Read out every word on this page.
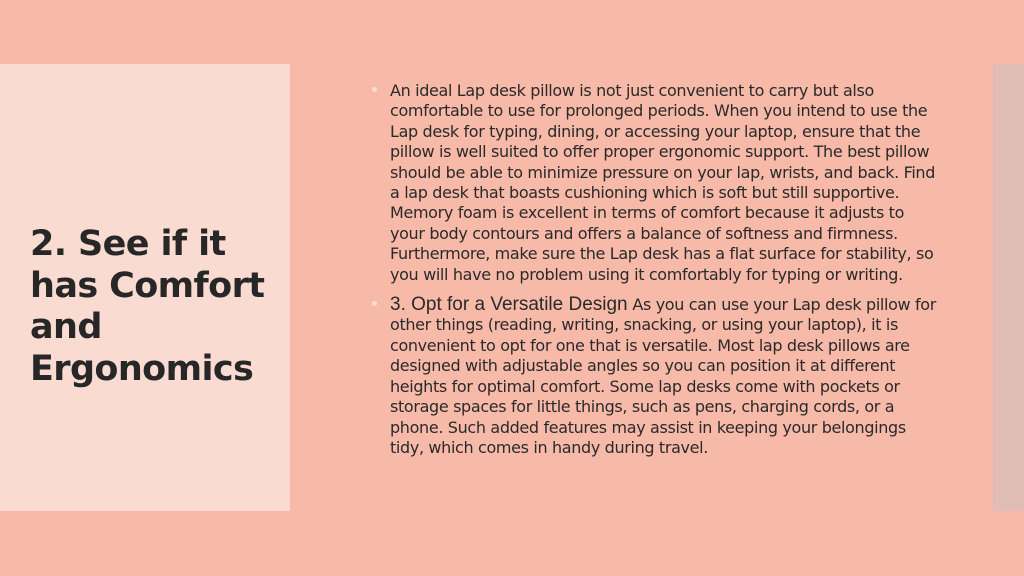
2. See if it has Comfort and Ergonomics
An ideal Lap desk pillow is not just convenient to carry but also comfortable to use for prolonged periods. When you intend to use the Lap desk for typing, dining, or accessing your laptop, ensure that the pillow is well suited to offer proper ergonomic support. The best pillow should be able to minimize pressure on your lap, wrists, and back. Find a lap desk that boasts cushioning which is soft but still supportive. Memory foam is excellent in terms of comfort because it adjusts to your body contours and offers a balance of softness and firmness. Furthermore, make sure the Lap desk has a flat surface for stability, so you will have no problem using it comfortably for typing or writing.
3. Opt for a Versatile Design As you can use your Lap desk pillow for other things (reading, writing, snacking, or using your laptop), it is convenient to opt for one that is versatile. Most lap desk pillows are designed with adjustable angles so you can position it at different heights for optimal comfort. Some lap desks come with pockets or storage spaces for little things, such as pens, charging cords, or a phone. Such added features may assist in keeping your belongings tidy, which comes in handy during travel.
